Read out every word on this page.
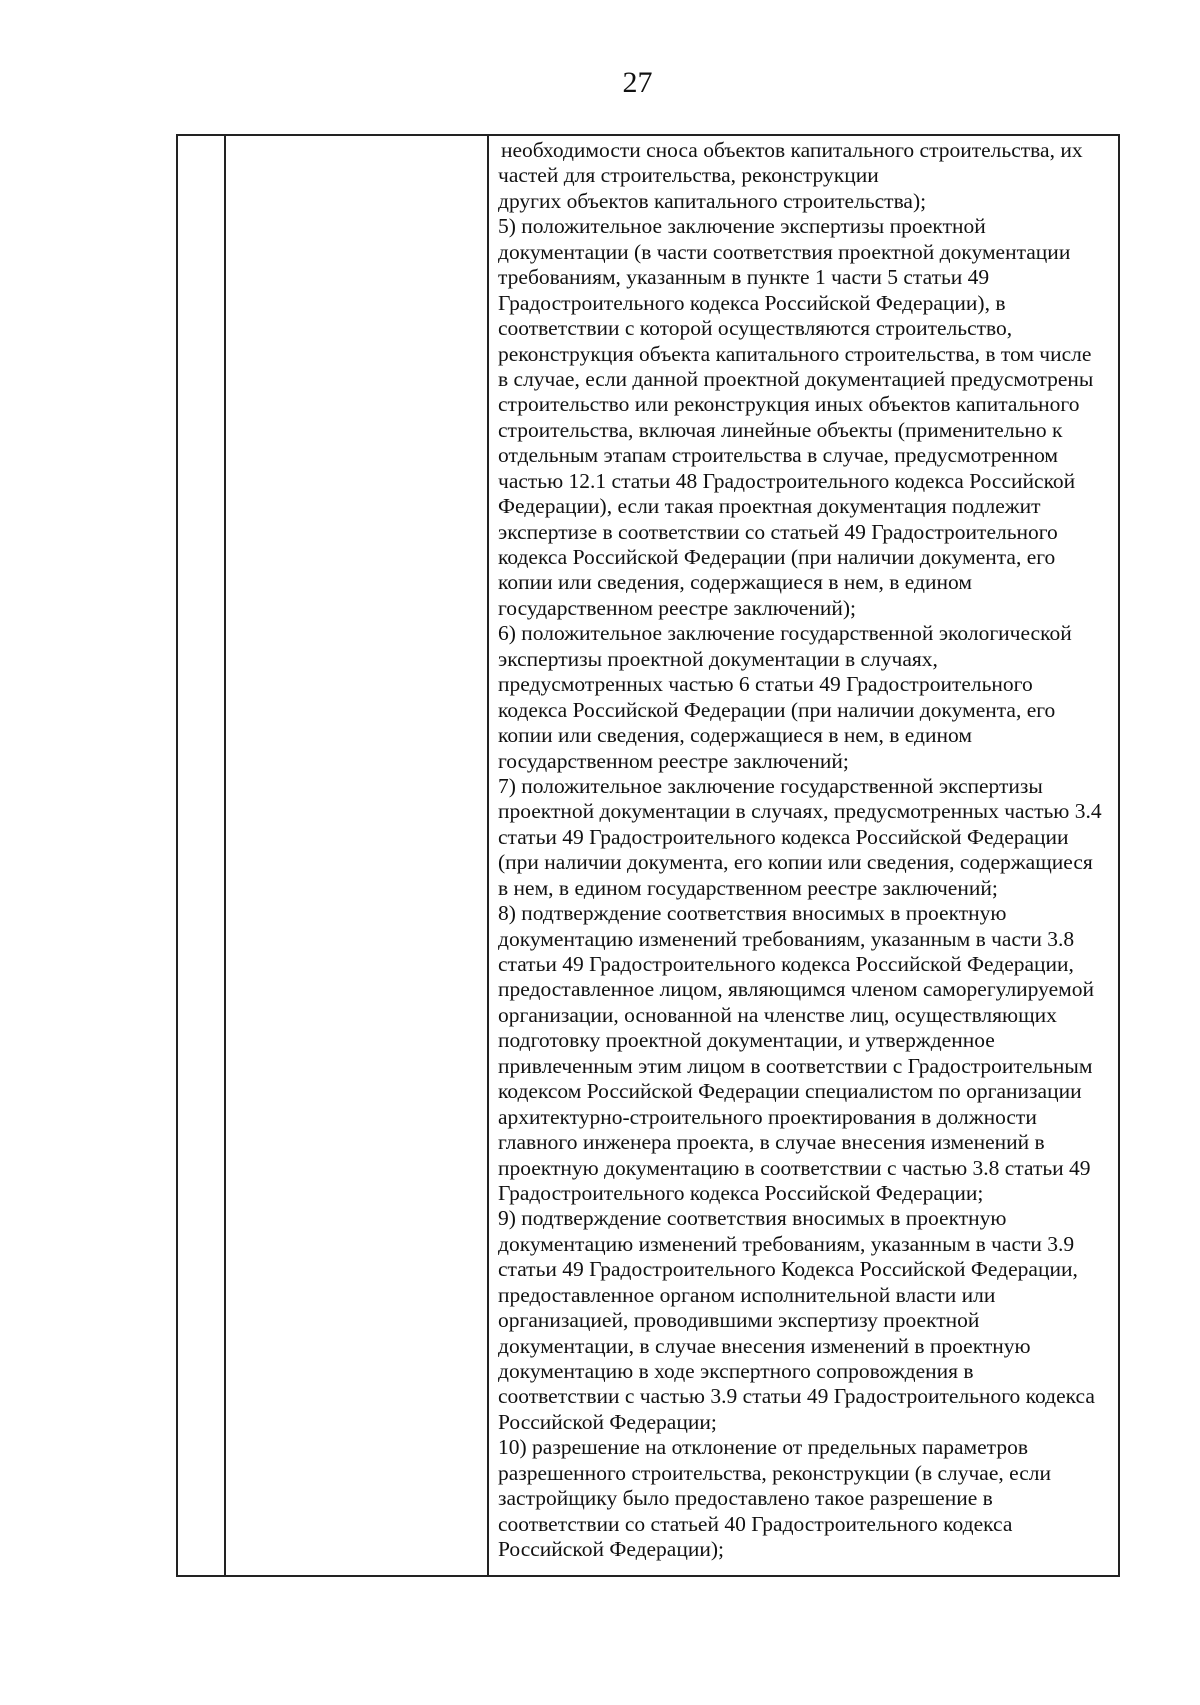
27
необходимости сноса объектов капитального строительства, их
частей для строительства, реконструкции
других объектов капитального строительства);
5) положительное заключение экспертизы проектной
документации (в части соответствия проектной документации
требованиям, указанным в пункте 1 части 5 статьи 49
Градостроительного кодекса Российской Федерации), в
соответствии с которой осуществляются строительство,
реконструкция объекта капитального строительства, в том числе
в случае, если данной проектной документацией предусмотрены
строительство или реконструкция иных объектов капитального
строительства, включая линейные объекты (применительно к
отдельным этапам строительства в случае, предусмотренном
частью 12.1 статьи 48 Градостроительного кодекса Российской
Федерации), если такая проектная документация подлежит
экспертизе в соответствии со статьей 49 Градостроительного
кодекса Российской Федерации (при наличии документа, его
копии или сведения, содержащиеся в нем, в едином
государственном реестре заключений);
6) положительное заключение государственной экологической
экспертизы проектной документации в случаях,
предусмотренных частью 6 статьи 49 Градостроительного
кодекса Российской Федерации (при наличии документа, его
копии или сведения, содержащиеся в нем, в едином
государственном реестре заключений;
7) положительное заключение государственной экспертизы
проектной документации в случаях, предусмотренных частью 3.4
статьи 49 Градостроительного кодекса Российской Федерации
(при наличии документа, его копии или сведения, содержащиеся
в нем, в едином государственном реестре заключений;
8) подтверждение соответствия вносимых в проектную
документацию изменений требованиям, указанным в части 3.8
статьи 49 Градостроительного кодекса Российской Федерации,
предоставленное лицом, являющимся членом саморегулируемой
организации, основанной на членстве лиц, осуществляющих
подготовку проектной документации, и утвержденное
привлеченным этим лицом в соответствии с Градостроительным
кодексом Российской Федерации специалистом по организации
архитектурно-строительного проектирования в должности
главного инженера проекта, в случае внесения изменений в
проектную документацию в соответствии с частью 3.8 статьи 49
Градостроительного кодекса Российской Федерации;
9) подтверждение соответствия вносимых в проектную
документацию изменений требованиям, указанным в части 3.9
статьи 49 Градостроительного Кодекса Российской Федерации,
предоставленное органом исполнительной власти или
организацией, проводившими экспертизу проектной
документации, в случае внесения изменений в проектную
документацию в ходе экспертного сопровождения в
соответствии с частью 3.9 статьи 49 Градостроительного кодекса
Российской Федерации;
10) разрешение на отклонение от предельных параметров
разрешенного строительства, реконструкции (в случае, если
застройщику было предоставлено такое разрешение в
соответствии со статьей 40 Градостроительного кодекса
Российской Федерации);
